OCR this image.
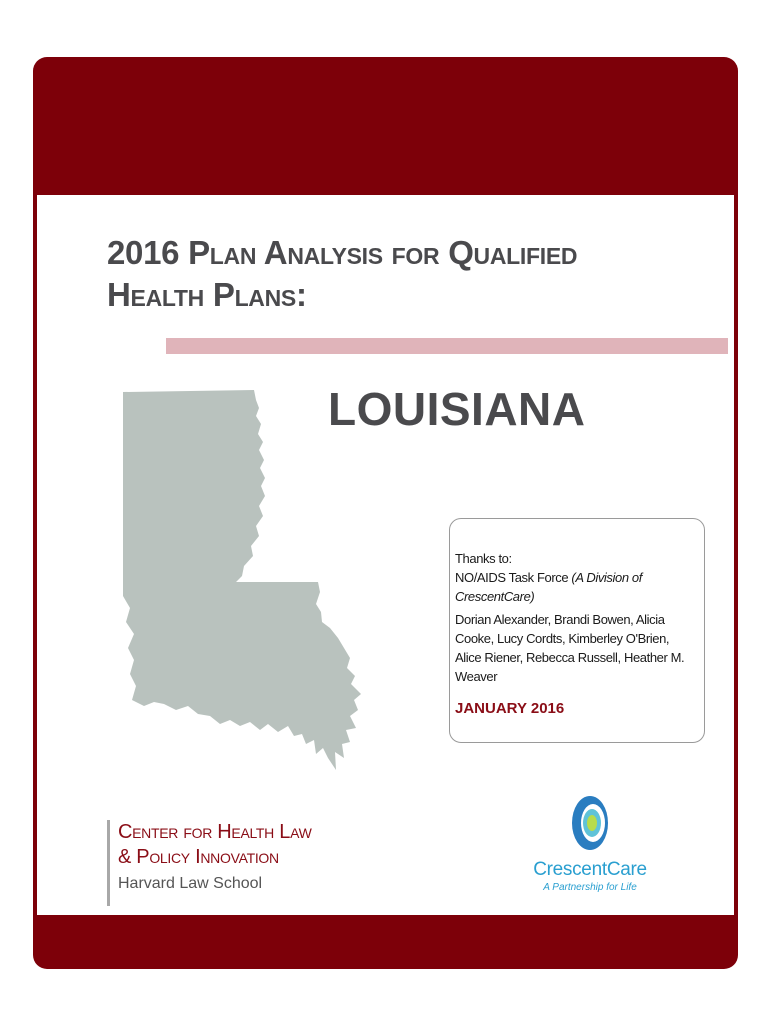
2016 Plan Analysis for Qualified
Health Plans:
LOUISIANA

Thanks to:

NO/AIDS Task Force (A Division of CrescentCare)

Dorian Alexander, Brandi Bowen, Alicia Cooke, Lucy Cordts, Kimberley O'Brien, Alice Riener, Rebecca Russell, Heather M. Weaver

JANUARY 2016

Center for Health Law
& Policy Innovation
Harvard Law School
CrescentCare
A Partnership for Life
